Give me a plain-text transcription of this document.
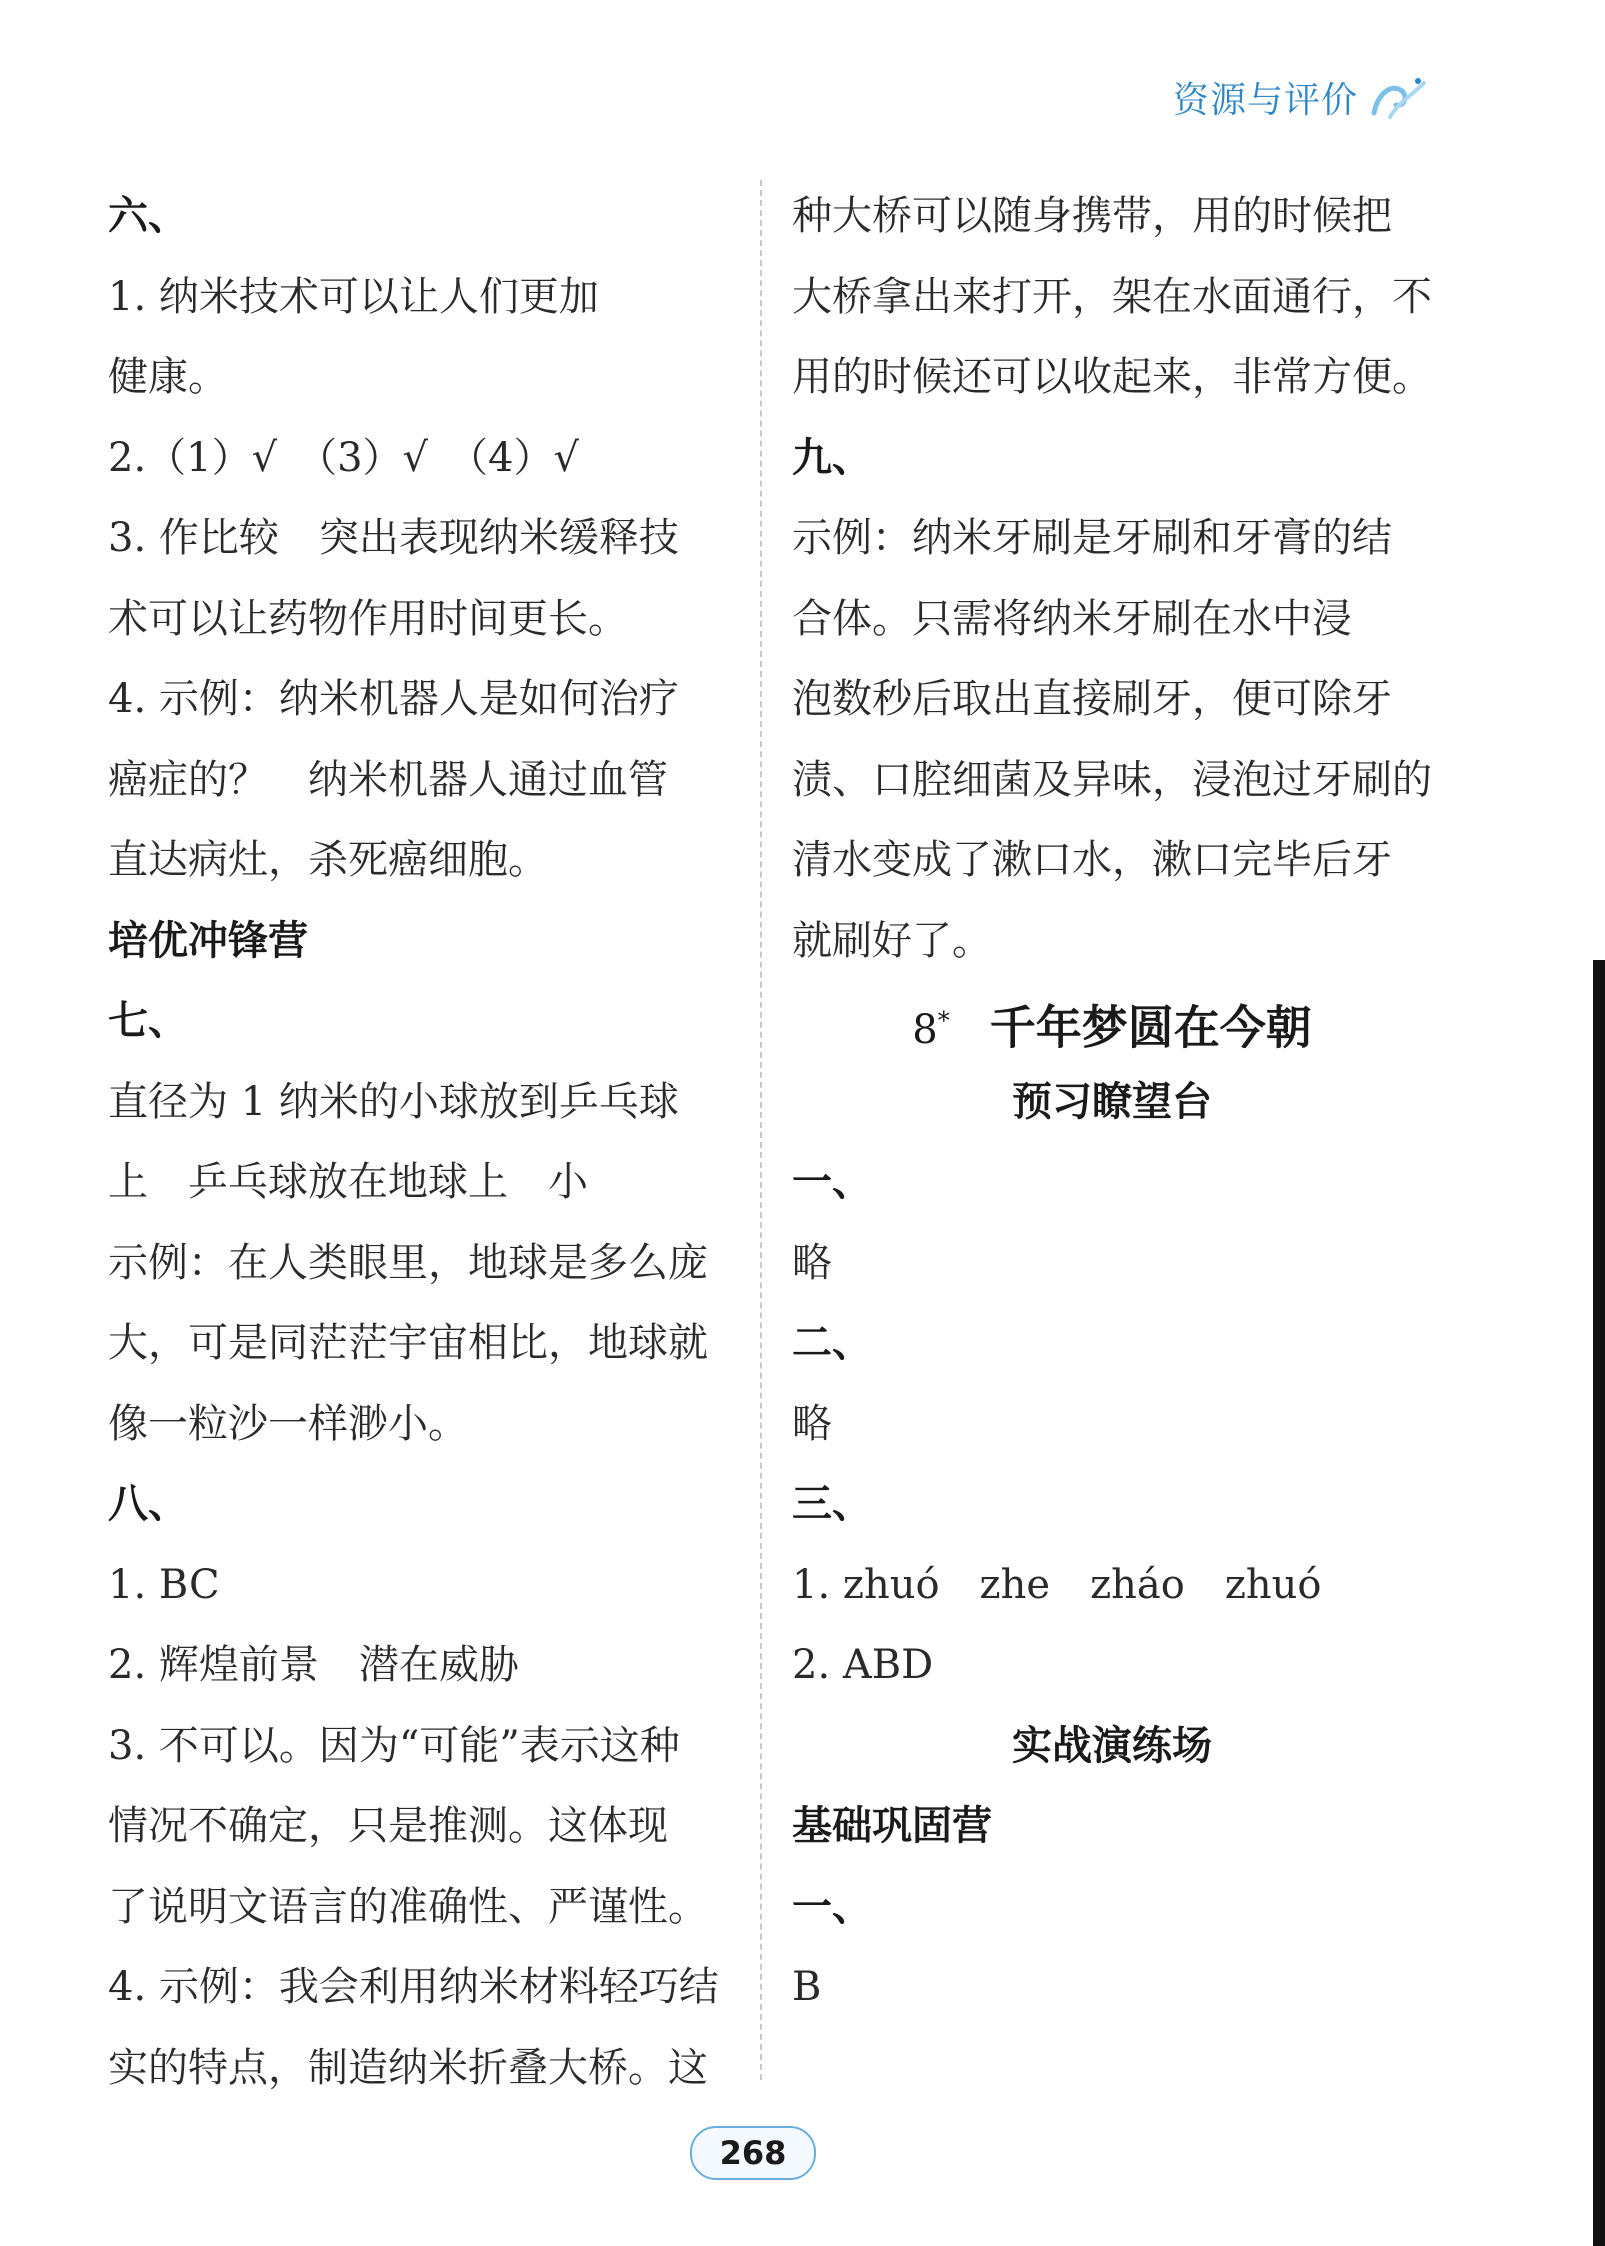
资源与评价
六、
1. 纳米技术可以让人们更加
健康。
2.（1）√　（3）√　（4）√
3. 作比较　突出表现纳米缓释技
术可以让药物作用时间更长。
4. 示例：纳米机器人是如何治疗
癌症的？　纳米机器人通过血管
直达病灶，杀死癌细胞。
培优冲锋营
七、
直径为 1 纳米的小球放到乒乓球
上　乒乓球放在地球上　小
示例：在人类眼里，地球是多么庞
大，可是同茫茫宇宙相比，地球就
像一粒沙一样渺小。
八、
1. BC
2. 辉煌前景　潜在威胁
3. 不可以。因为“可能”表示这种
情况不确定，只是推测。这体现
了说明文语言的准确性、严谨性。
4. 示例：我会利用纳米材料轻巧结
实的特点，制造纳米折叠大桥。这
种大桥可以随身携带，用的时候把
大桥拿出来打开，架在水面通行，不
用的时候还可以收起来，非常方便。
九、
示例：纳米牙刷是牙刷和牙膏的结
合体。只需将纳米牙刷在水中浸
泡数秒后取出直接刷牙，便可除牙
渍、口腔细菌及异味，浸泡过牙刷的
清水变成了漱口水，漱口完毕后牙
就刷好了。
8* 千年梦圆在今朝
预习瞭望台
一、
略
二、
略
三、
1. zhuó　zhe　zháo　zhuó
2. ABD
实战演练场
基础巩固营
一、
B
268
